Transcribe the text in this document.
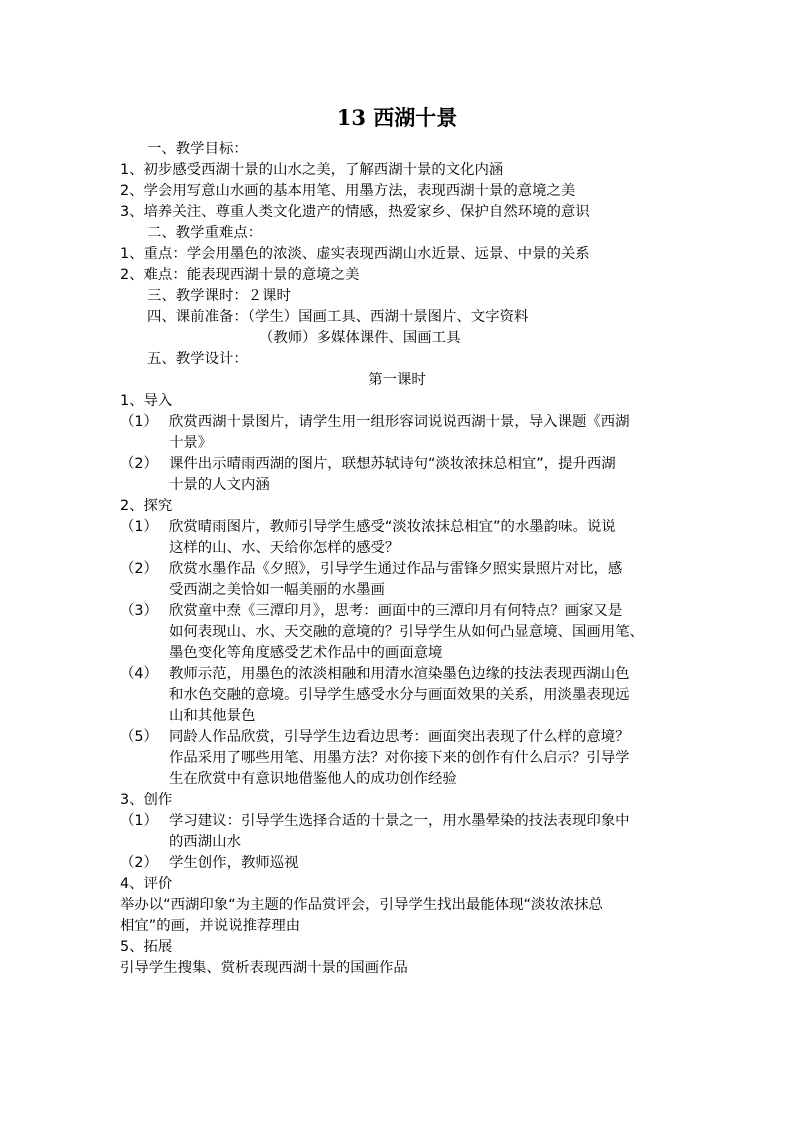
13 西湖十景
一、教学目标：
1、初步感受西湖十景的山水之美，了解西湖十景的文化内涵
2、学会用写意山水画的基本用笔、用墨方法，表现西湖十景的意境之美
3、培养关注、尊重人类文化遗产的情感，热爱家乡、保护自然环境的意识
二、教学重难点：
1、重点：学会用墨色的浓淡、虚实表现西湖山水近景、远景、中景的关系
2、难点：能表现西湖十景的意境之美
三、教学课时：２课时
四、课前准备：（学生）国画工具、西湖十景图片、文字资料
（教师）多媒体课件、国画工具
五、教学设计：
第一课时
1、导入
（1） 欣赏西湖十景图片，请学生用一组形容词说说西湖十景，导入课题《西湖
十景》
（2） 课件出示晴雨西湖的图片，联想苏轼诗句“淡妆浓抹总相宜”，提升西湖
十景的人文内涵
2、探究
（1） 欣赏晴雨图片，教师引导学生感受“淡妆浓抹总相宜”的水墨韵味。说说
这样的山、水、天给你怎样的感受？
（2） 欣赏水墨作品《夕照》，引导学生通过作品与雷锋夕照实景照片对比，感
受西湖之美恰如一幅美丽的水墨画
（3） 欣赏童中焘《三潭印月》，思考：画面中的三潭印月有何特点？画家又是
如何表现山、水、天交融的意境的？引导学生从如何凸显意境、国画用笔、
墨色变化等角度感受艺术作品中的画面意境
（4） 教师示范，用墨色的浓淡相融和用清水渲染墨色边缘的技法表现西湖山色
和水色交融的意境。引导学生感受水分与画面效果的关系，用淡墨表现远
山和其他景色
（5） 同龄人作品欣赏，引导学生边看边思考：画面突出表现了什么样的意境？
作品采用了哪些用笔、用墨方法？对你接下来的创作有什么启示？引导学
生在欣赏中有意识地借鉴他人的成功创作经验
3、创作
（1） 学习建议：引导学生选择合适的十景之一，用水墨晕染的技法表现印象中
的西湖山水
（2） 学生创作，教师巡视
4、评价
举办以“西湖印象“为主题的作品赏评会，引导学生找出最能体现“淡妆浓抹总
相宜”的画，并说说推荐理由
5、拓展
引导学生搜集、赏析表现西湖十景的国画作品
